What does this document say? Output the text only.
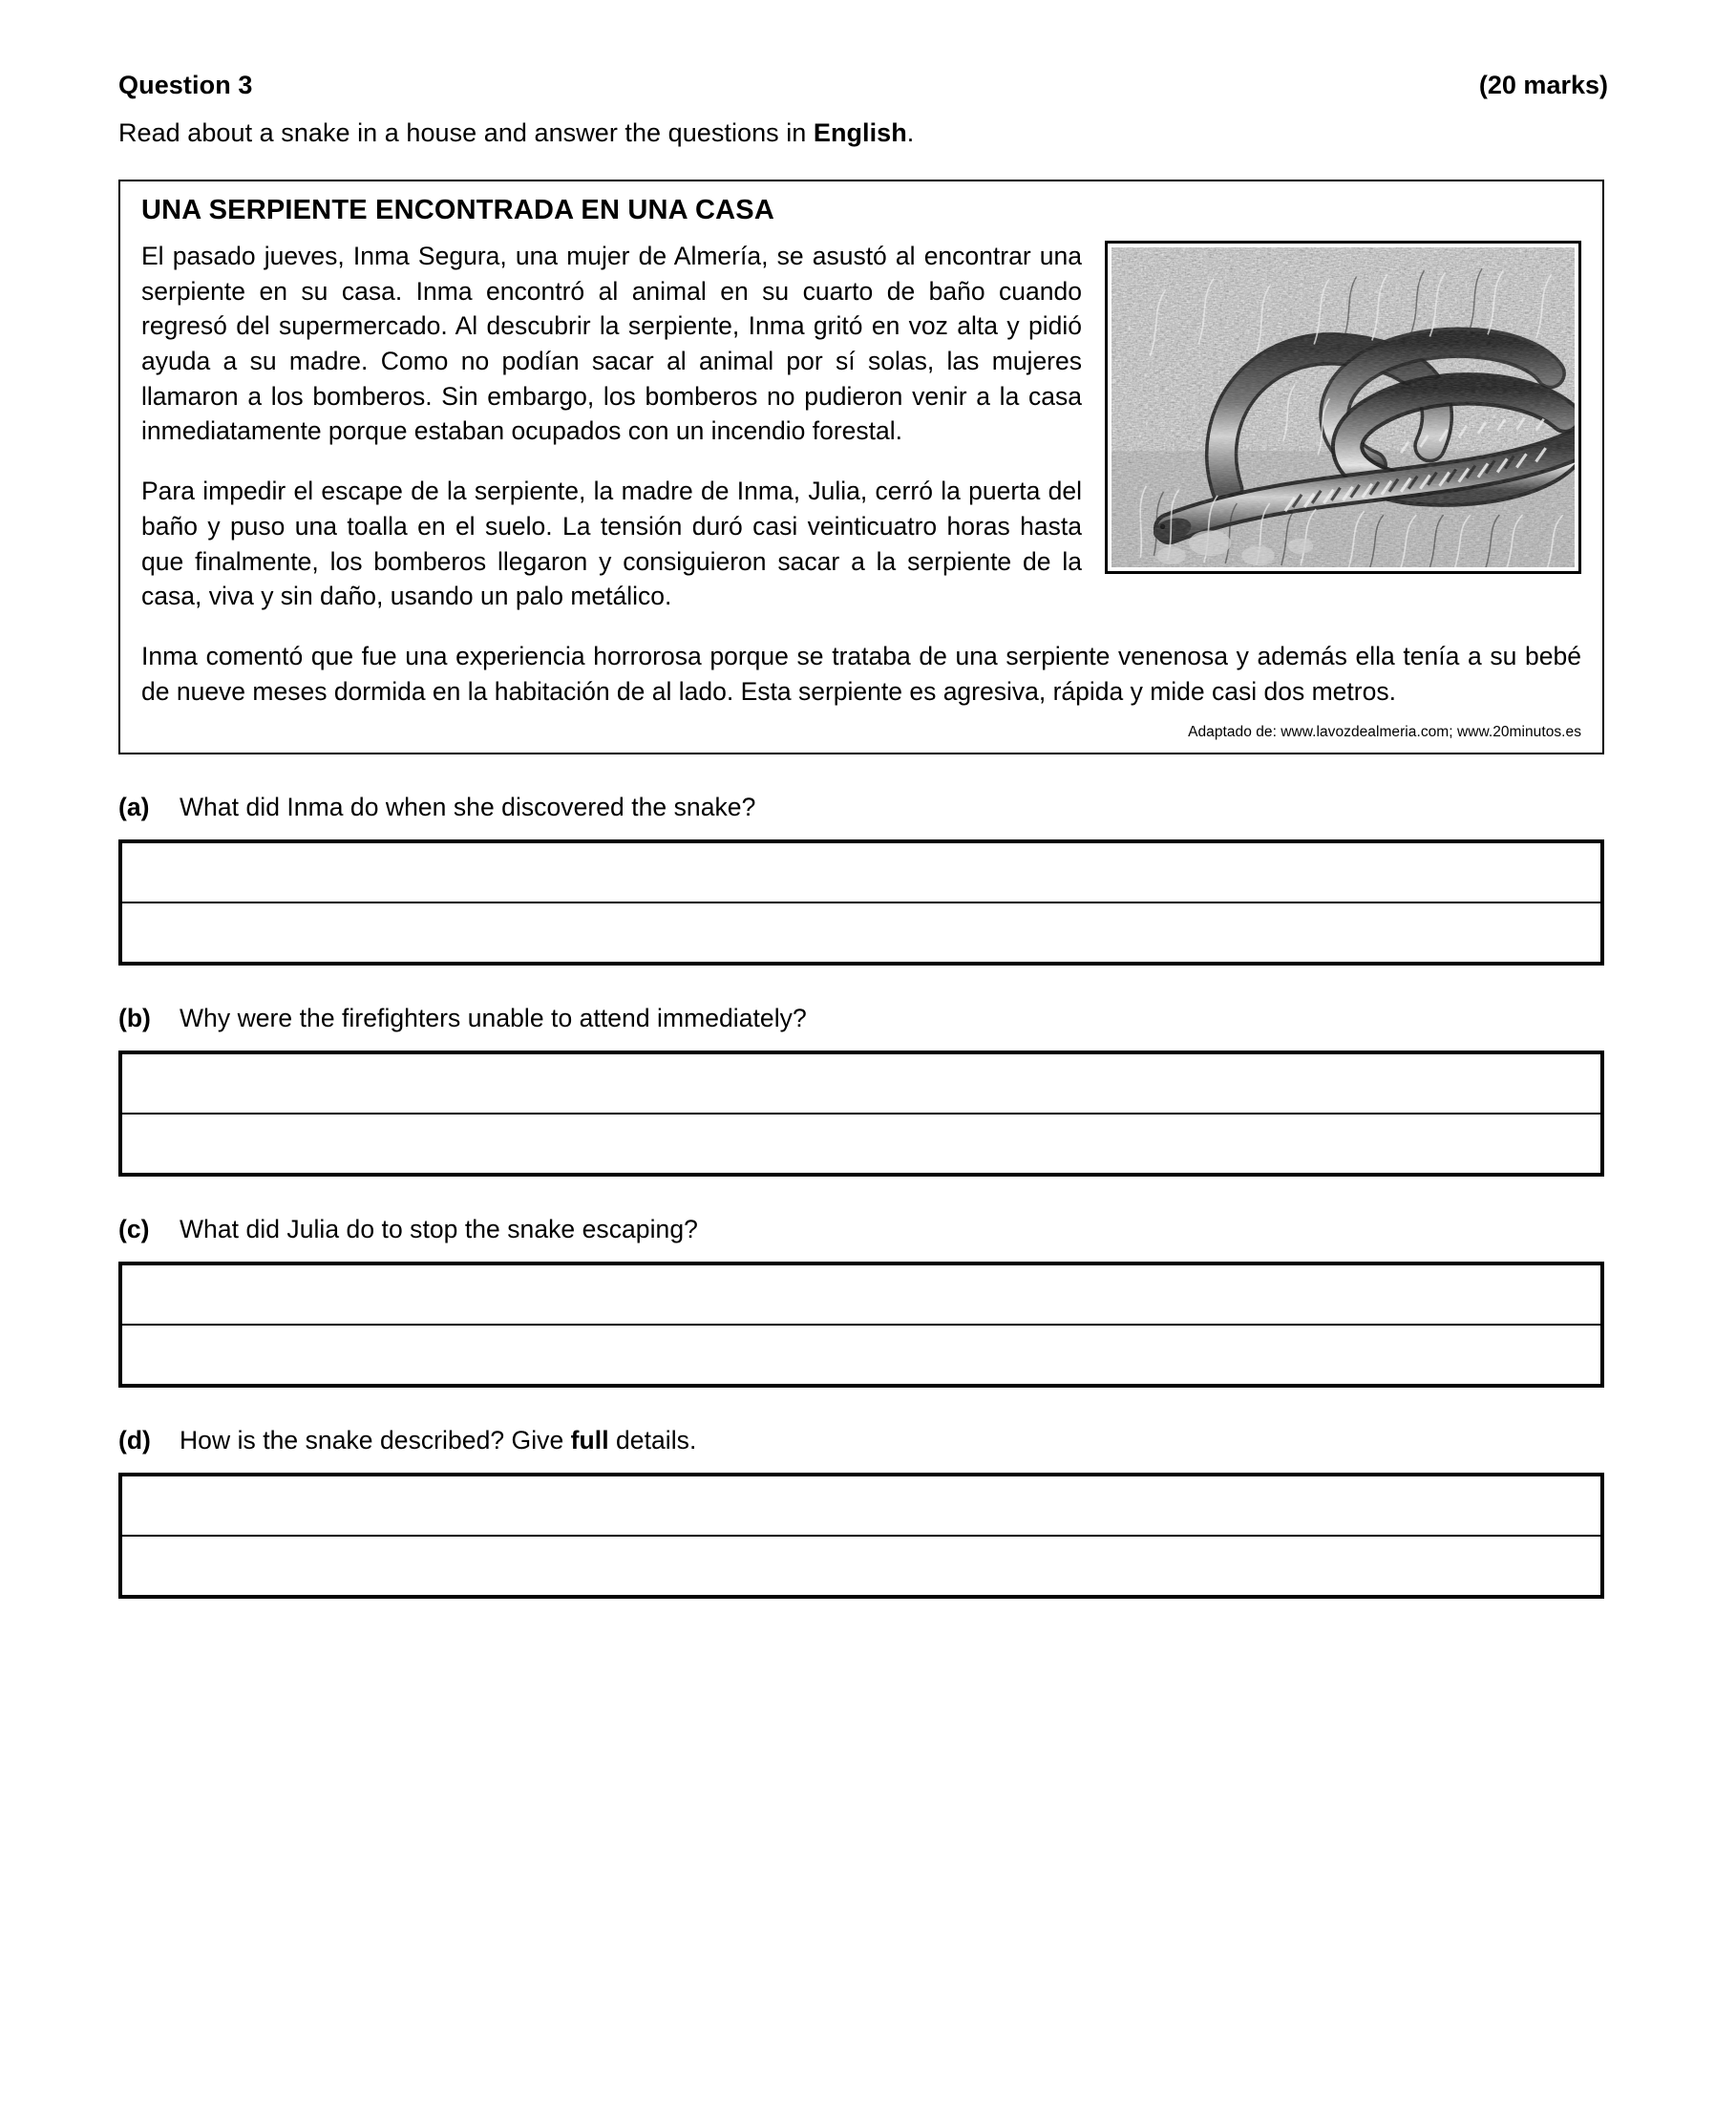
Question 3	(20 marks)
Read about a snake in a house and answer the questions in English.
UNA SERPIENTE ENCONTRADA EN UNA CASA

El pasado jueves, Inma Segura, una mujer de Almería, se asustó al encontrar una serpiente en su casa. Inma encontró al animal en su cuarto de baño cuando regresó del supermercado. Al descubrir la serpiente, Inma gritó en voz alta y pidió ayuda a su madre. Como no podían sacar al animal por sí solas, las mujeres llamaron a los bomberos. Sin embargo, los bomberos no pudieron venir a la casa inmediatamente porque estaban ocupados con un incendio forestal.

Para impedir el escape de la serpiente, la madre de Inma, Julia, cerró la puerta del baño y puso una toalla en el suelo. La tensión duró casi veinticuatro horas hasta que finalmente, los bomberos llegaron y consiguieron sacar a la serpiente de la casa, viva y sin daño, usando un palo metálico.

Inma comentó que fue una experiencia horrorosa porque se trataba de una serpiente venenosa y además ella tenía a su bebé de nueve meses dormida en la habitación de al lado. Esta serpiente es agresiva, rápida y mide casi dos metros.

Adaptado de: www.lavozdealmeria.com; www.20minutos.es
(a)	What did Inma do when she discovered the snake?
(b)	Why were the firefighters unable to attend immediately?
(c)	What did Julia do to stop the snake escaping?
(d)	How is the snake described? Give full details.
